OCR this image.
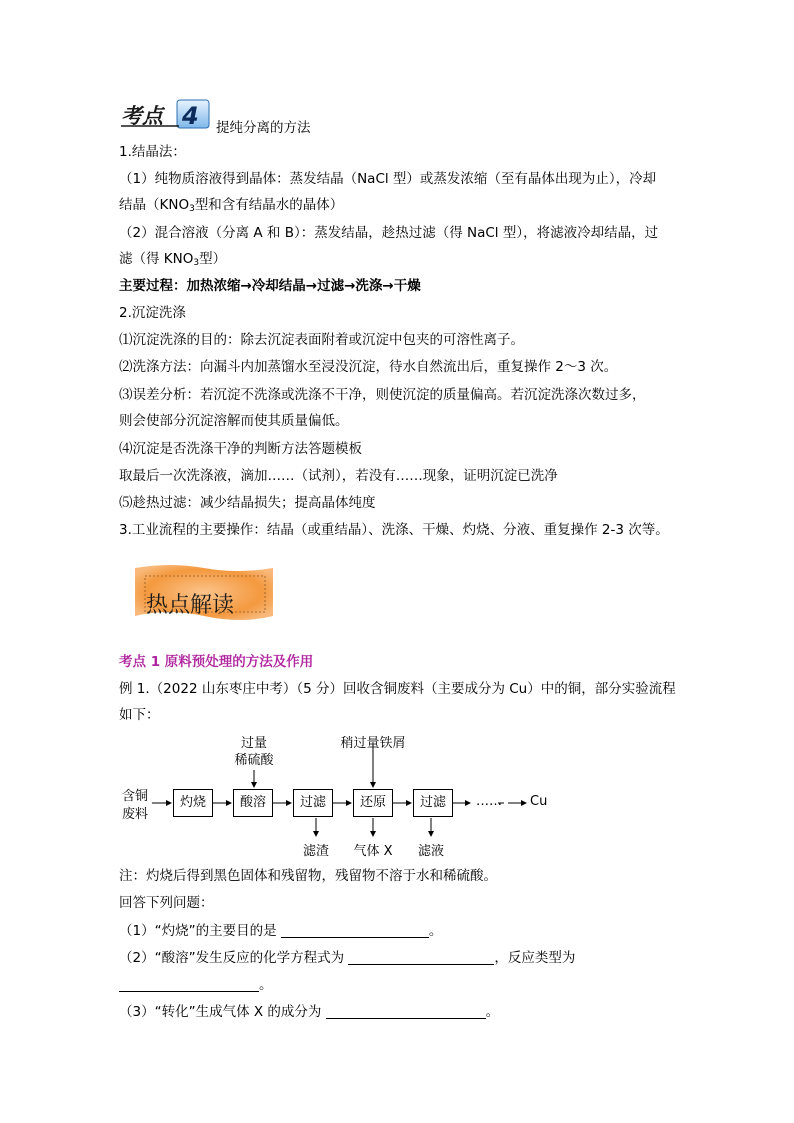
考点 4 提纯分离的方法
1.结晶法：
（1）纯物质溶液得到晶体：蒸发结晶（NaCl 型）或蒸发浓缩（至有晶体出现为止），冷却
结晶（$KNO_3$型和含有结晶水的晶体）
（2）混合溶液（分离 A 和 B）：蒸发结晶，趁热过滤（得 NaCl 型），将滤液冷却结晶，过
滤（得 $KNO_3$型）
主要过程：加热浓缩→冷却结晶→过滤→洗涤→干燥
2.沉淀洗涤
⑴沉淀洗涤的目的：除去沉淀表面附着或沉淀中包夹的可溶性离子。
⑵洗涤方法：向漏斗内加蒸馏水至浸没沉淀，待水自然流出后，重复操作 2～3 次。
⑶误差分析：若沉淀不洗涤或洗涤不干净，则使沉淀的质量偏高。若沉淀洗涤次数过多，
则会使部分沉淀溶解而使其质量偏低。
⑷沉淀是否洗涤干净的判断方法答题模板
取最后一次洗涤液，滴加……（试剂），若没有……现象，证明沉淀已洗净
⑸趁热过滤：减少结晶损失；提高晶体纯度
3.工业流程的主要操作：结晶（或重结晶）、洗涤、干燥、灼烧、分液、重复操作 2-3 次等。
热点解读
考点 1 原料预处理的方法及作用
例 1.（2022 山东枣庄中考）（5 分）回收含铜废料（主要成分为 Cu）中的铜，部分实验流程
如下：
含铜
废料
灼烧	酸溶	过滤	还原	过滤
过量
稀硫酸
稍过量铁屑
…… Cu
滤渣	气体 X	滤液
注：灼烧后得到黑色固体和残留物，残留物不溶于水和稀硫酸。
回答下列问题：
（1）“灼烧”的主要目的是	。
（2）“酸溶”发生反应的化学方程式为	，反应类型为
。
（3）“转化”生成气体 X 的成分为	。
